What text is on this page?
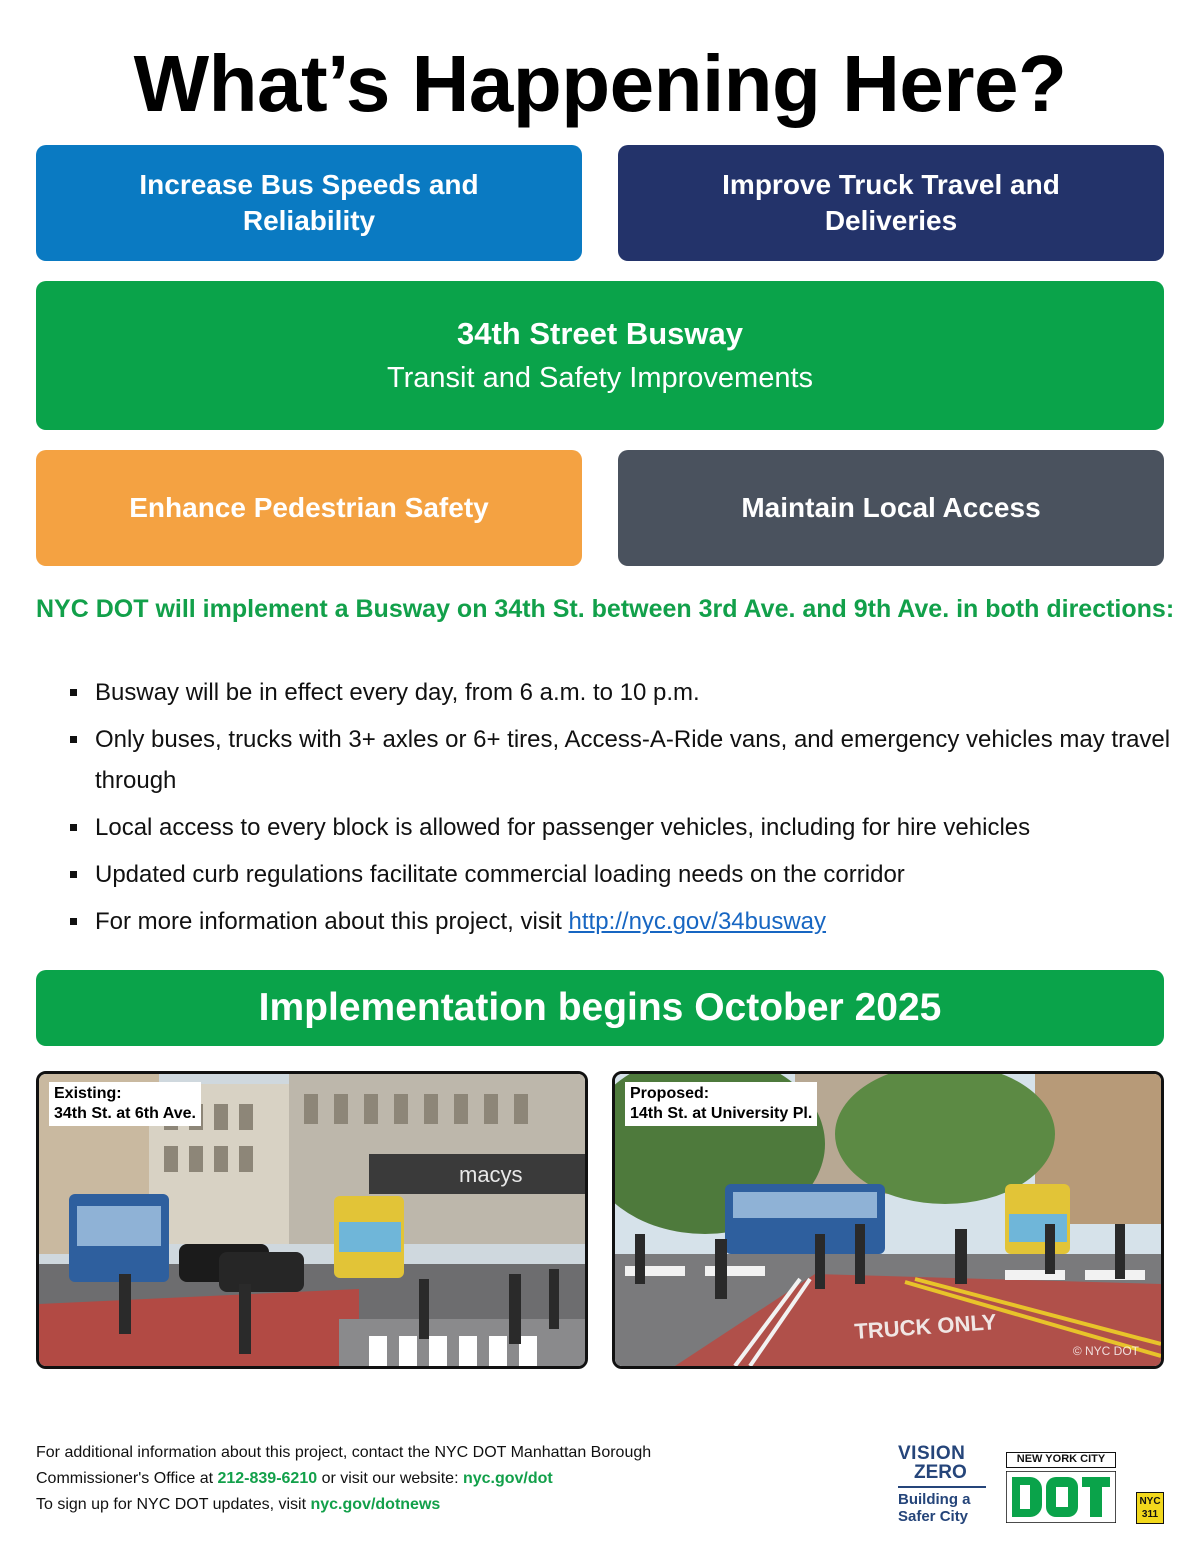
What’s Happening Here?
Increase Bus Speeds and Reliability
Improve Truck Travel and Deliveries
34th Street Busway
Transit and Safety Improvements
Enhance Pedestrian Safety	Maintain Local Access

NYC DOT will implement a Busway on 34th St. between 3rd Ave. and 9th Ave. in both directions:

Busway will be in effect every day, from 6 a.m. to 10 p.m.
Only buses, trucks with 3+ axles or 6+ tires, Access-A-Ride vans, and emergency vehicles may travel through
Local access to every block is allowed for passenger vehicles, including for hire vehicles
Updated curb regulations facilitate commercial loading needs on the corridor
For more information about this project, visit http://nyc.gov/34busway
Implementation begins October 2025
macys
Existing:
34th St. at 6th Ave.
TRUCK ONLY
Proposed:
14th St. at University Pl.
© NYC DOT
For additional information about this project, contact the NYC DOT Manhattan Borough
Commissioner's Office at 212-839-6210 or visit our website: nyc.gov/dot
To sign up for NYC DOT updates, visit nyc.gov/dotnews
VISION
ZERO
Building a Safer City
NEW YORK CITY
NYC
311
